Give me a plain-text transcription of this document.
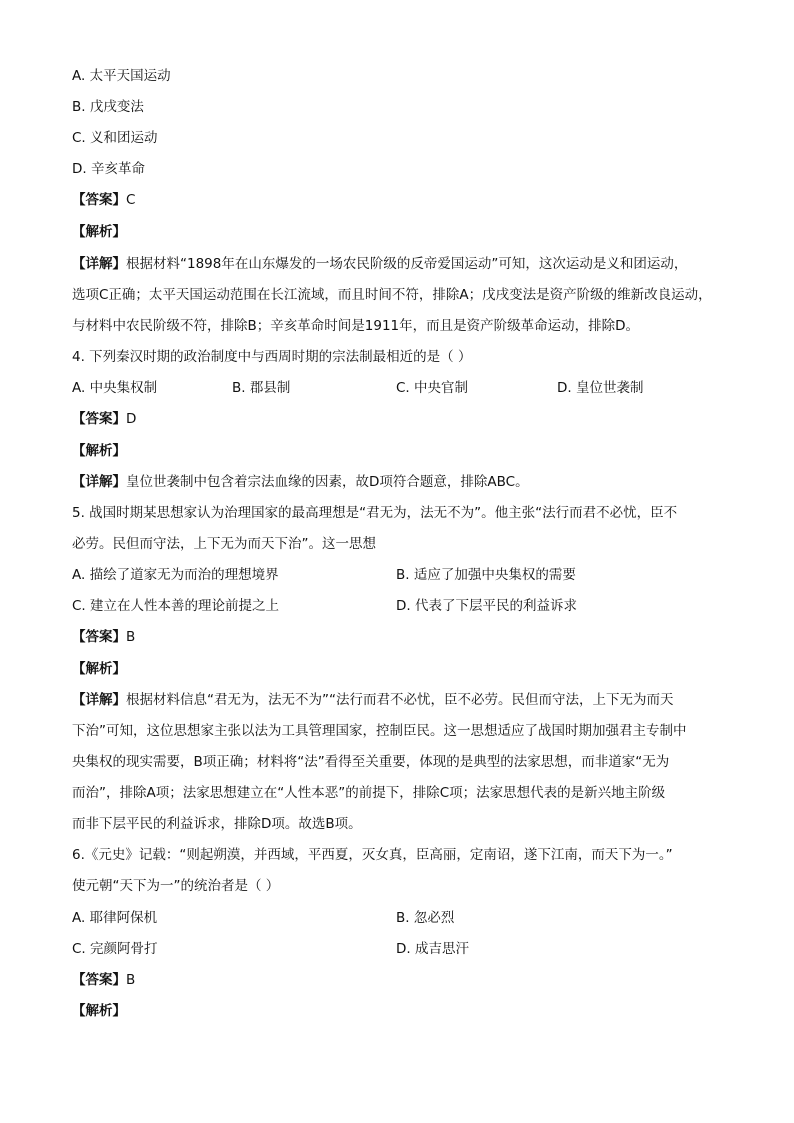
A. 太平天国运动
B. 戊戌变法
C. 义和团运动
D. 辛亥革命
【答案】C
【解析】
【详解】根据材料“1898年在山东爆发的一场农民阶级的反帝爱国运动”可知，这次运动是义和团运动，
选项C正确；太平天国运动范围在长江流域，而且时间不符，排除A；戊戌变法是资产阶级的维新改良运动，
与材料中农民阶级不符，排除B；辛亥革命时间是1911年，而且是资产阶级革命运动，排除D。
4. 下列秦汉时期的政治制度中与西周时期的宗法制最相近的是（ ）
A. 中央集权制	B. 郡县制	C. 中央官制	D. 皇位世袭制
【答案】D
【解析】
【详解】皇位世袭制中包含着宗法血缘的因素，故D项符合题意，排除ABC。
5. 战国时期某思想家认为治理国家的最高理想是“君无为，法无不为”。他主张“法行而君不必忧，臣不
必劳。民但而守法，上下无为而天下治”。这一思想
A. 描绘了道家无为而治的理想境界	B. 适应了加强中央集权的需要
C. 建立在人性本善的理论前提之上	D. 代表了下层平民的利益诉求
【答案】B
【解析】
【详解】根据材料信息“君无为，法无不为”“法行而君不必忧，臣不必劳。民但而守法，上下无为而天
下治”可知，这位思想家主张以法为工具管理国家，控制臣民。这一思想适应了战国时期加强君主专制中
央集权的现实需要，B项正确；材料将“法”看得至关重要，体现的是典型的法家思想，而非道家“无为
而治”，排除A项；法家思想建立在“人性本恶”的前提下，排除C项；法家思想代表的是新兴地主阶级
而非下层平民的利益诉求，排除D项。故选B项。
6.《元史》记载：“则起朔漠，并西域，平西夏，灭女真，臣高丽，定南诏，遂下江南，而天下为一。”
使元朝“天下为一”的统治者是（ ）
A. 耶律阿保机	B. 忽必烈
C. 完颜阿骨打	D. 成吉思汗
【答案】B
【解析】
